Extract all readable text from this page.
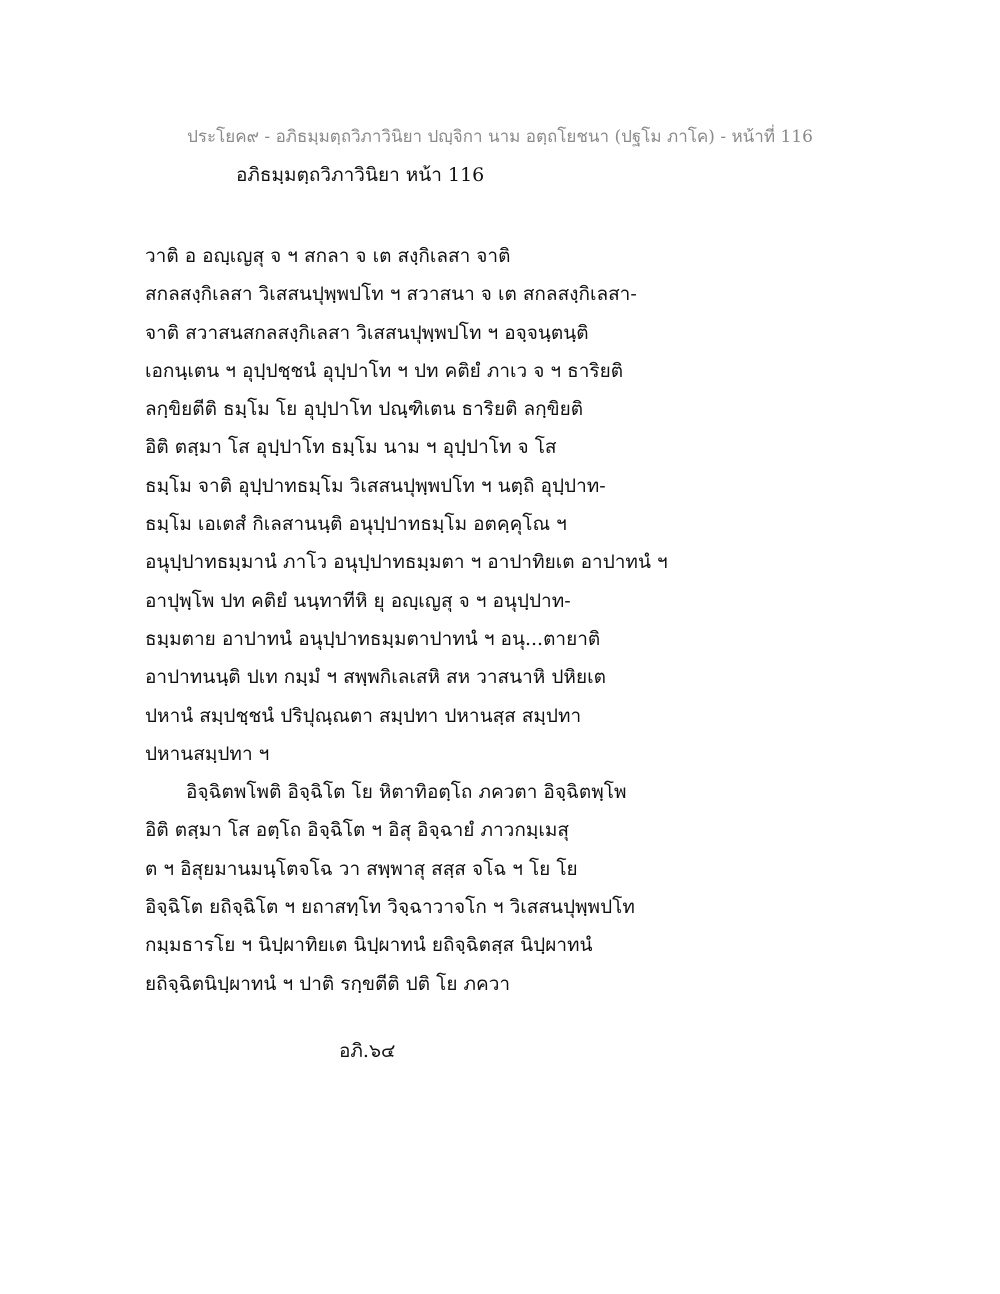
ประโยค๙ - อภิธมฺมตฺถวิภาวินิยา ปญฺจิกา นาม อตฺถโยชนา (ปฐโม ภาโค) - หน้าที่ 116
อภิธมฺมตฺถวิภาวินิยา หน้า 116
วาติ อ อญฺเญสุ จ ฯ สกลา จ เต สงฺกิเลสา จาติ
สกลสงฺกิเลสา วิเสสนปุพฺพปโท ฯ สวาสนา จ เต สกลสงฺกิเลสา-
จาติ สวาสนสกลสงฺกิเลสา วิเสสนปุพฺพปโท ฯ อจฺจนฺตนฺติ
เอกนฺเตน ฯ อุปฺปชฺชนํ อุปฺปาโท ฯ ปท คติยํ ภาเว จ ฯ ธาริยติ
ลกฺขิยตีติ ธมฺโม โย อุปฺปาโท ปณฺฑิเตน ธาริยติ ลกฺขิยติ
อิติ ตสฺมา โส อุปฺปาโท ธมฺโม นาม ฯ อุปฺปาโท จ โส
ธมฺโม จาติ อุปฺปาทธมฺโม วิเสสนปุพฺพปโท ฯ นตฺถิ อุปฺปาท-
ธมฺโม เอเตสํ กิเลสานนฺติ อนุปฺปาทธมฺโม อตคฺคุโณ ฯ
อนุปฺปาทธมฺมานํ ภาโว อนุปฺปาทธมฺมตา ฯ อาปาทิยเต อาปาทนํ ฯ
อาปุพฺโพ ปท คติยํ นนฺทาทีหิ ยุ อญฺเญสุ จ ฯ อนุปฺปาท-
ธมฺมตาย อาปาทนํ อนุปฺปาทธมฺมตาปาทนํ ฯ อนุ...ตายาติ
อาปาทนนฺติ ปเท กมฺมํ ฯ สพฺพกิเลเสหิ สห วาสนาหิ ปหิยเต
ปหานํ สมฺปชฺชนํ ปริปุณฺณตา สมฺปทา ปหานสฺส สมฺปทา
ปหานสมฺปทา ฯ
อิจฺฉิตพโพติ อิจฺฉิโต โย หิตาทิอตฺโถ ภควตา อิจฺฉิตพฺโพ
อิติ ตสฺมา โส อตฺโถ อิจฺฉิโต ฯ อิสุ อิจฺฉายํ ภาวกมฺเมสุ
ต ฯ อิสุยมานมนฺโตจโฉ วา สพฺพาสุ สสฺส จโฉ ฯ โย โย
อิจฺฉิโต ยถิจฺฉิโต ฯ ยถาสทฺโท วิจฺฉาวาจโก ฯ วิเสสนปุพฺพปโท
กมฺมธารโย ฯ นิปฺผาทิยเต นิปฺผาทนํ ยถิจฺฉิตสฺส นิปฺผาทนํ
ยถิจฺฉิตนิปฺผาทนํ ฯ ปาติ รกฺขตีติ ปติ โย ภควา
อภิ.๖๔
